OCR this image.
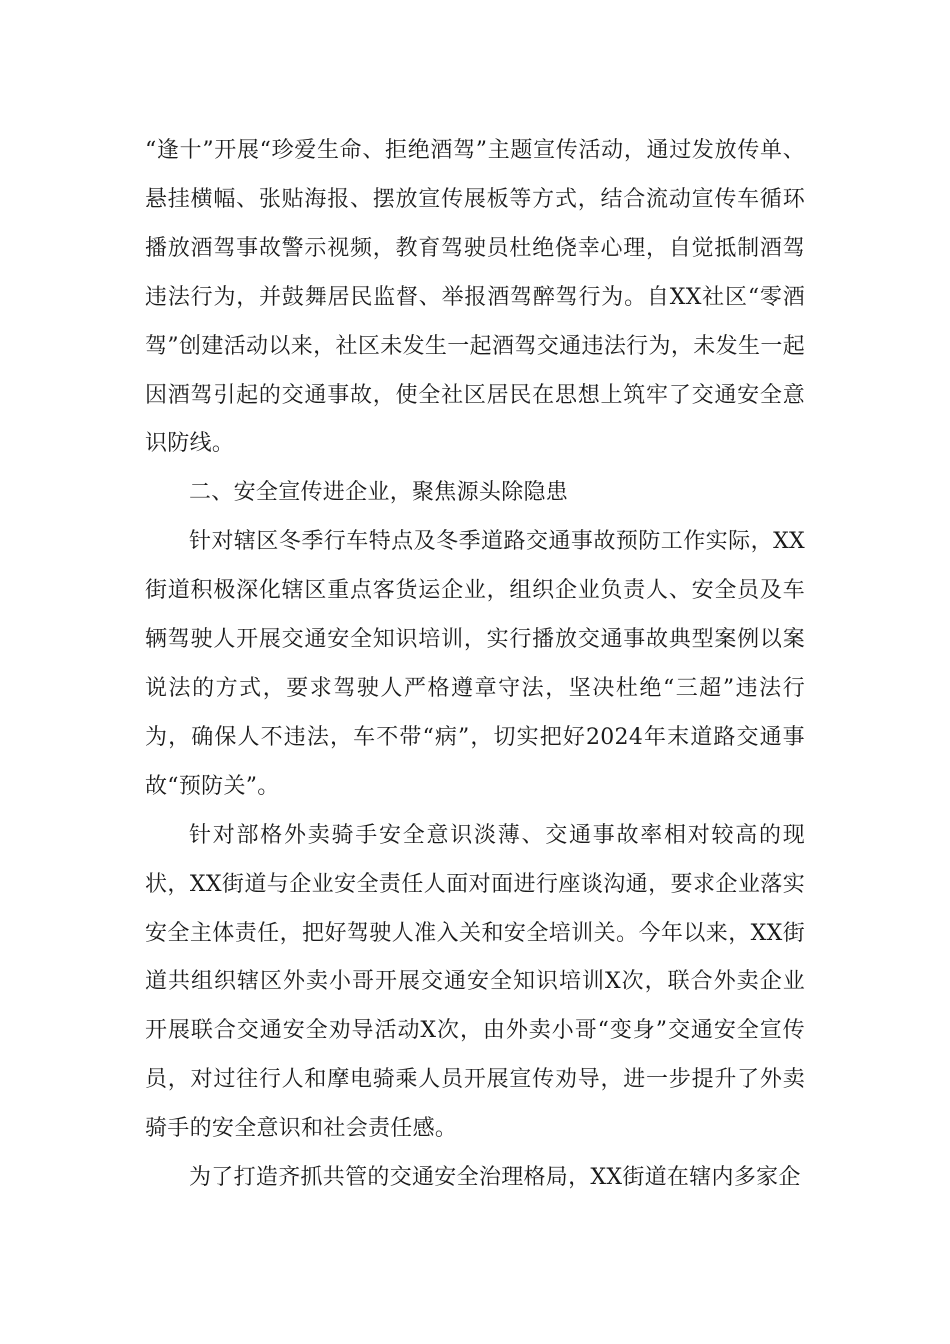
“逢十”开展“珍爱生命、拒绝酒驾”主题宣传活动，通过发放传单、悬挂横幅、张贴海报、摆放宣传展板等方式，结合流动宣传车循环播放酒驾事故警示视频，教育驾驶员杜绝侥幸心理，自觉抵制酒驾违法行为，并鼓舞居民监督、举报酒驾醉驾行为。自XX社区“零酒驾”创建活动以来，社区未发生一起酒驾交通违法行为，未发生一起因酒驾引起的交通事故，使全社区居民在思想上筑牢了交通安全意识防线。

二、安全宣传进企业，聚焦源头除隐患

针对辖区冬季行车特点及冬季道路交通事故预防工作实际，XX街道积极深化辖区重点客货运企业，组织企业负责人、安全员及车辆驾驶人开展交通安全知识培训，实行播放交通事故典型案例以案说法的方式，要求驾驶人严格遵章守法，坚决杜绝“三超”违法行为，确保人不违法，车不带“病”，切实把好2024年末道路交通事故“预防关”。

针对部格外卖骑手安全意识淡薄、交通事故率相对较高的现状，XX街道与企业安全责任人面对面进行座谈沟通，要求企业落实安全主体责任，把好驾驶人准入关和安全培训关。今年以来，XX街道共组织辖区外卖小哥开展交通安全知识培训X次，联合外卖企业开展联合交通安全劝导活动X次，由外卖小哥“变身”交通安全宣传员，对过往行人和摩电骑乘人员开展宣传劝导，进一步提升了外卖骑手的安全意识和社会责任感。

为了打造齐抓共管的交通安全治理格局，XX街道在辖内多家企
